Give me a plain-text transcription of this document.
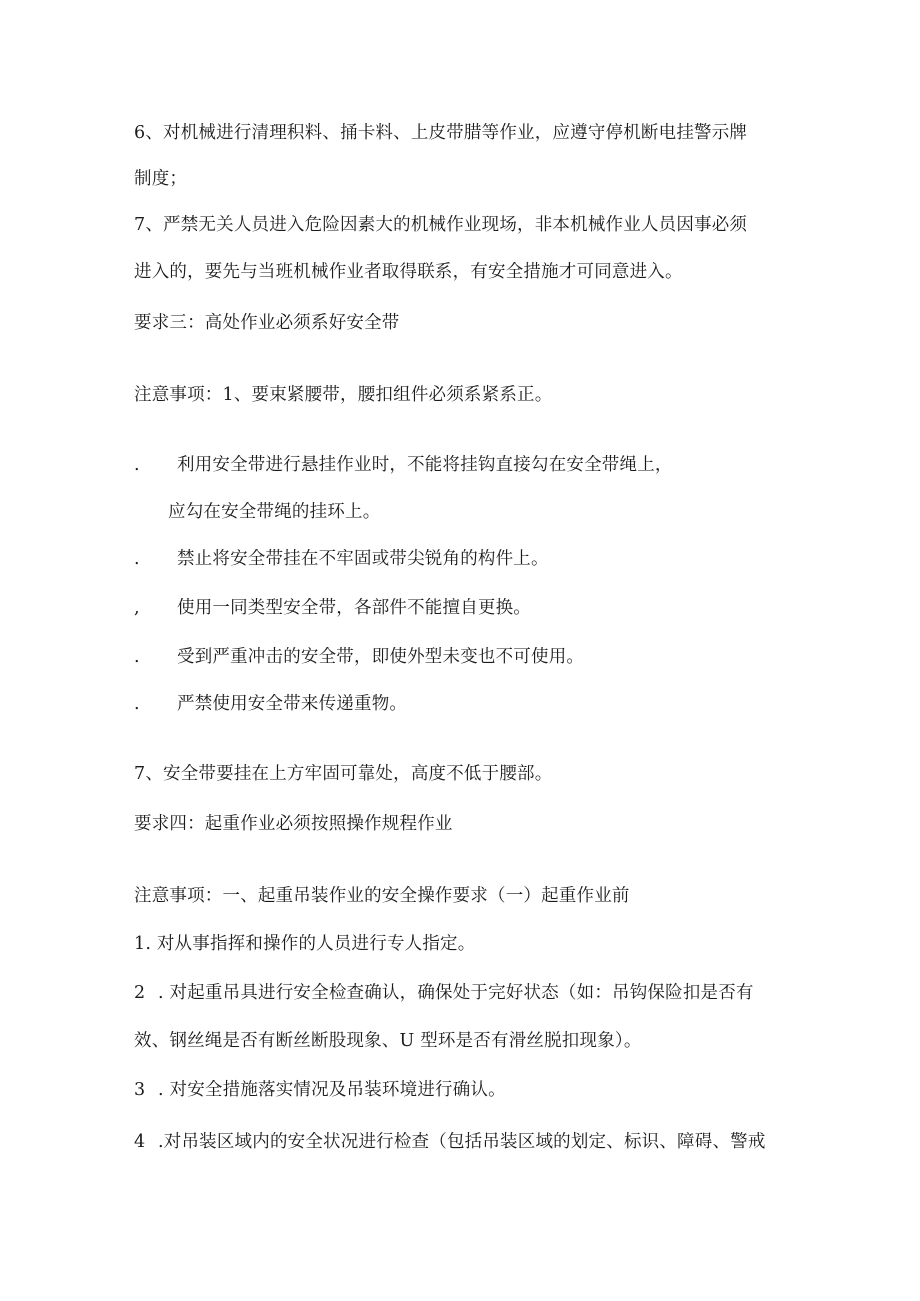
6、对机械进行清理积料、捅卡料、上皮带腊等作业，应遵守停机断电挂警示牌
制度；
7、严禁无关人员进入危险因素大的机械作业现场，非本机械作业人员因事必须
进入的，要先与当班机械作业者取得联系，有安全措施才可同意进入。
要求三：高处作业必须系好安全带
注意事项：1、要束紧腰带，腰扣组件必须系紧系正。
. 利用安全带进行悬挂作业时，不能将挂钩直接勾在安全带绳上，
应勾在安全带绳的挂环上。
. 禁止将安全带挂在不牢固或带尖锐角的构件上。
, 使用一同类型安全带，各部件不能擅自更换。
. 受到严重冲击的安全带，即使外型未变也不可使用。
. 严禁使用安全带来传递重物。
7、安全带要挂在上方牢固可靠处，高度不低于腰部。
要求四：起重作业必须按照操作规程作业
注意事项：一、起重吊装作业的安全操作要求（一）起重作业前
1. 对从事指挥和操作的人员进行专人指定。
2 . 对起重吊具进行安全检查确认，确保处于完好状态（如：吊钩保险扣是否有
效、钢丝绳是否有断丝断股现象、U 型环是否有滑丝脱扣现象）。
3 . 对安全措施落实情况及吊装环境进行确认。
4 .对吊装区域内的安全状况进行检查（包括吊装区域的划定、标识、障碍、警戒
